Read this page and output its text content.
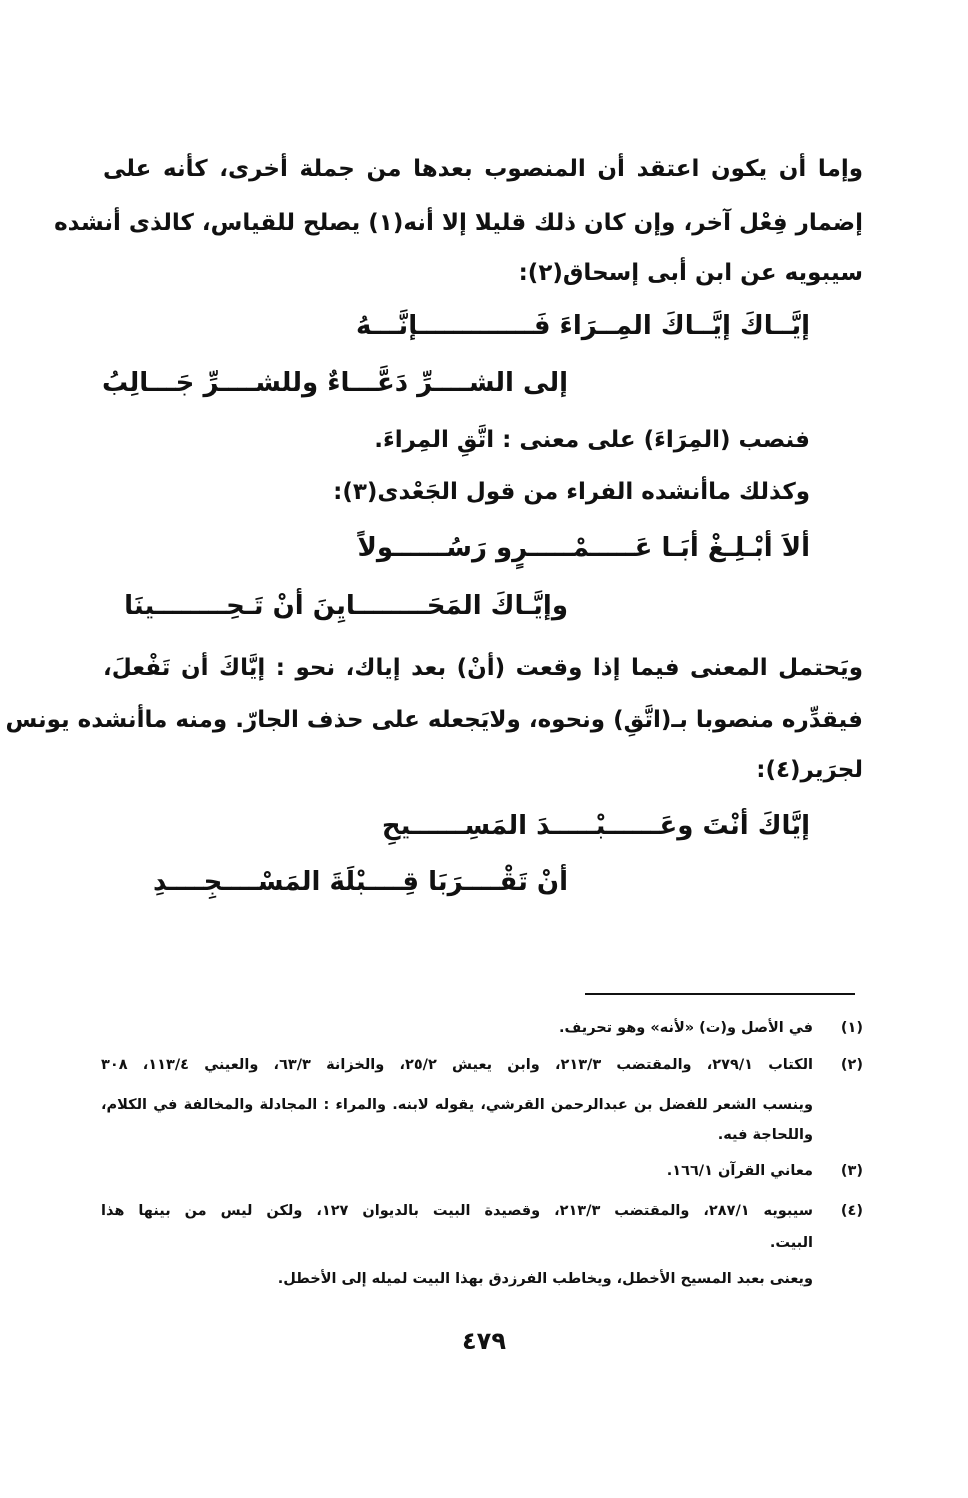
وإما أن يكون اعتقد أن المنصوب بعدها من جملة أخرى، كأنه على
إضمار فِعْل آخر، وإن كان ذلك قليلا إلا أنه(١) يصلح للقياس، كالذى أنشده
سيبويه عن ابن أبى إسحاق(٢):
إيَّــاكَ إيَّــاكَ المِــرَاءَ فَـــــــــــــإنَّـــهُ
إلى الشــــرِّ دَعَّـــاءٌ وللشــــرِّ جَـــالِبُ
فنصب (المِرَاءَ) على معنى : اتَّقِ المِراءَ.
وكذلك ماأنشده الفراء من قول الجَعْدى(٣):
ألاَ أبْـلِـغْ أبَـا عَـــــمْـــــرٍو رَسُــــــولاً
وإيَّـاكَ المَحَــــــــايِنَ أنْ تَـحِــــــــينَا
ويَحتمل المعنى فيما إذا وقعت (أنْ) بعد إياك، نحو : إيَّاكَ أن تَفْعلَ،
فيقدِّره منصوبا بـ(اتَّقِ) ونحوه، ولايَجعله على حذف الجارّ. ومنه ماأنشده يونس
لجرَير(٤):
إيَّاكَ أنْتَ وعَــــــبْـــــدَ المَسِــــــيحِ
أنْ تَقْــــرَبَا قِــــبْلَةَ المَسْــــجِــــدِ
(١)
في الأصل و(ت) «لأنه» وهو تحريف.
(٢)
الكتاب ٢٧٩/١، والمقتضب ٢١٣/٣، وابن يعيش ٢٥/٢، والخزانة ٦٣/٣، والعيني ١١٣/٤، ٣٠٨
وينسب الشعر للفضل بن عبدالرحمن القرشي، يقوله لابنه. والمراء : المجادلة والمخالفة في الكلام،
واللحاجة فيه.
(٣)
معاني القرآن ١٦٦/١.
(٤)
سيبويه ٢٨٧/١، والمقتضب ٢١٣/٣، وقصيدة البيت بالديوان ١٢٧، ولكن ليس من بينها هذا
البيت.
ويعنى بعبد المسيح الأخطل، ويخاطب الفرزدق بهذا البيت لميله إلى الأخطل.
٤٧٩
